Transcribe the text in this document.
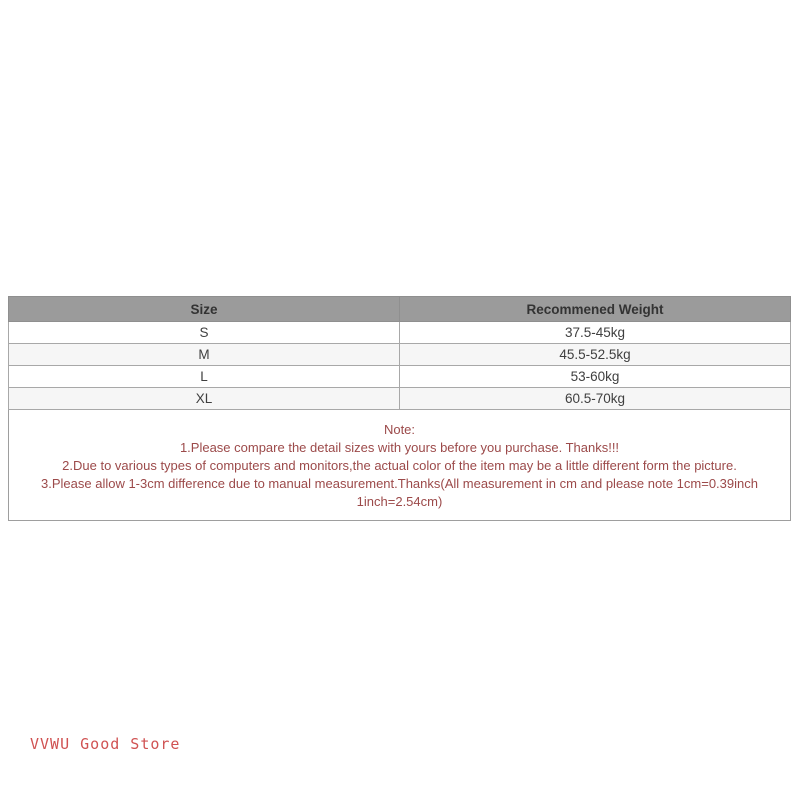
Size	Recommened Weight
S	37.5-45kg
M	45.5-52.5kg
L	53-60kg
XL	60.5-70kg
Note:
1.Please compare the detail sizes with yours before you purchase. Thanks!!!
2.Due to various types of computers and monitors,the actual color of the item may be a little different form the picture.
3.Please allow 1-3cm difference due to manual measurement.Thanks(All measurement in cm and please note 1cm=0.39inch 1inch=2.54cm)
VVWU Good Store
